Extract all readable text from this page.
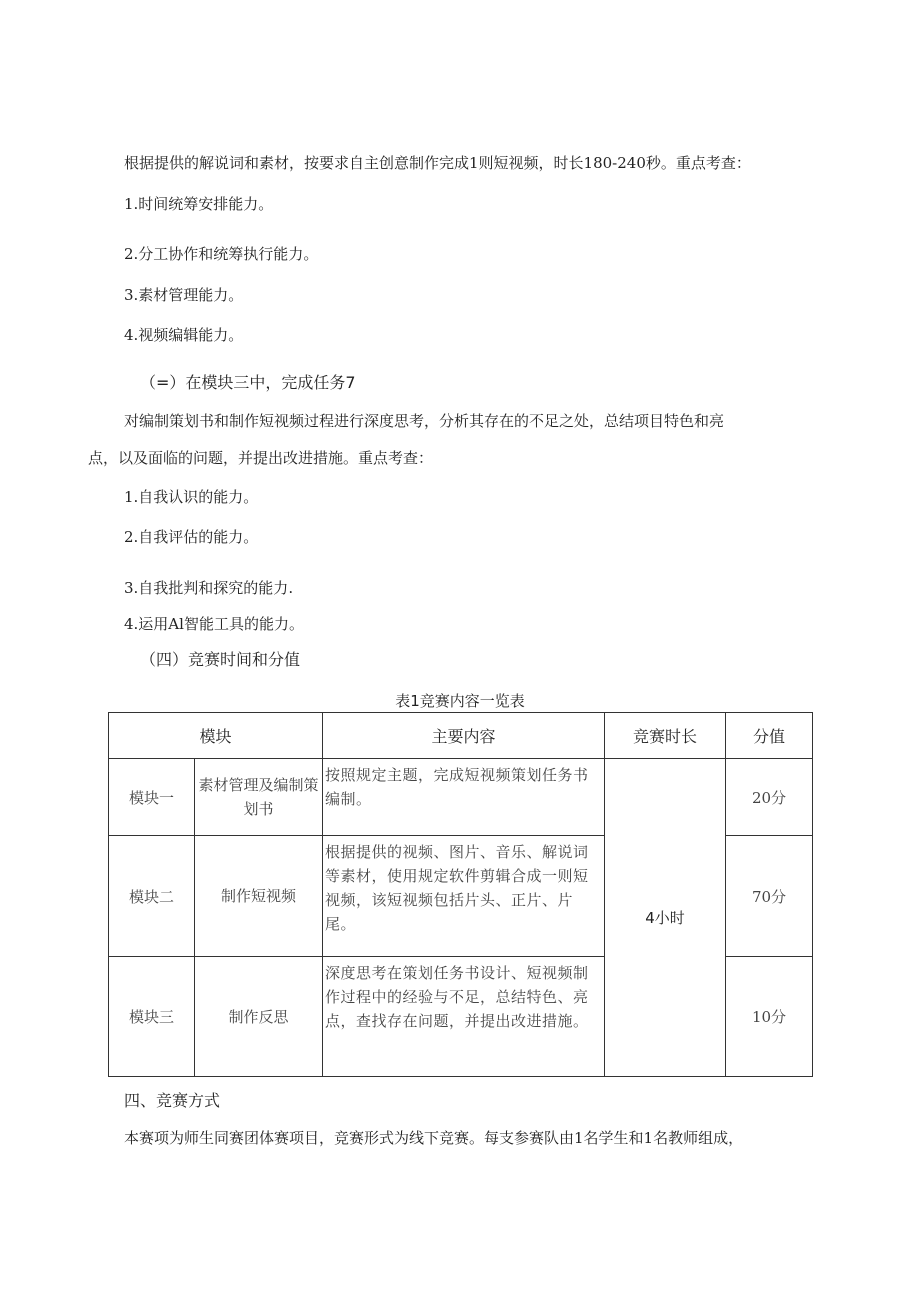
根据提供的解说词和素材，按要求自主创意制作完成1则短视频，时长180-240秒。重点考查：
1.时间统筹安排能力。
2.分工协作和统筹执行能力。
3.素材管理能力。
4.视频编辑能力。
（=）在模块三中，完成任务7
对编制策划书和制作短视频过程进行深度思考，分析其存在的不足之处，总结项目特色和亮
点，以及面临的问题，并提出改进措施。重点考查：
1.自我认识的能力。
2.自我评估的能力。
3.自我批判和探究的能力.
4.运用Al智能工具的能力。
（四）竞赛时间和分值
表1竞赛内容一览表
模块		主要内容	竞赛时长	分值
模块一	素材管理及编制策划书	按照规定主题，完成短视频策划任务书编制。	4小时	20分
模块二	制作短视频	根据提供的视频、图片、音乐、解说词等素材，使用规定软件剪辑合成一则短视频，该短视频包括片头、正片、片尾。		70分
模块三	制作反思	深度思考在策划任务书设计、短视频制作过程中的经验与不足，总结特色、亮点，查找存在问题，并提出改进措施。		10分
四、竞赛方式
本赛项为师生同赛团体赛项目，竞赛形式为线下竞赛。每支参赛队由1名学生和1名教师组成，
